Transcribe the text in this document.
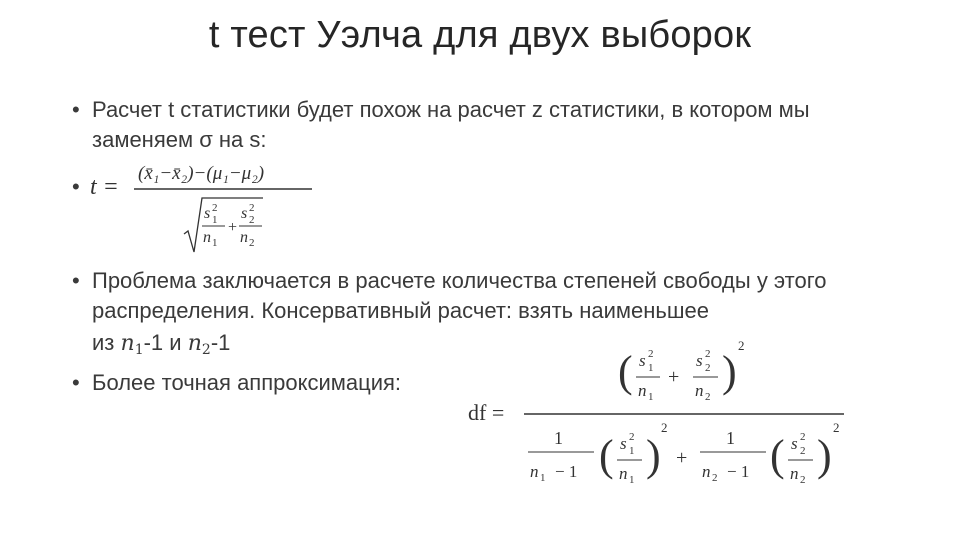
t тест Уэлча для двух выборок
• Расчет t статистики будет похож на расчет z статистики, в котором мы заменяем σ на s:
• t =
(x̄₁−x̄₂)−(μ₁−μ₂)
s 1
2
n 1
+
s 2
2
n 2
• Проблема заключается в расчете количества степеней свободы у этого распределения. Консервативный расчет: взять наименьшее
из $n_1-1$ и $n_2-1$
• Более точная аппроксимация:
df =
( s 1
2
n 1
+
s 2
2
n 2
)
2
1
n 1 − 1 ( s 1
2
n 1 )
2
+
1
n 2 − 1 ( s 2
2
n 2 )
2
